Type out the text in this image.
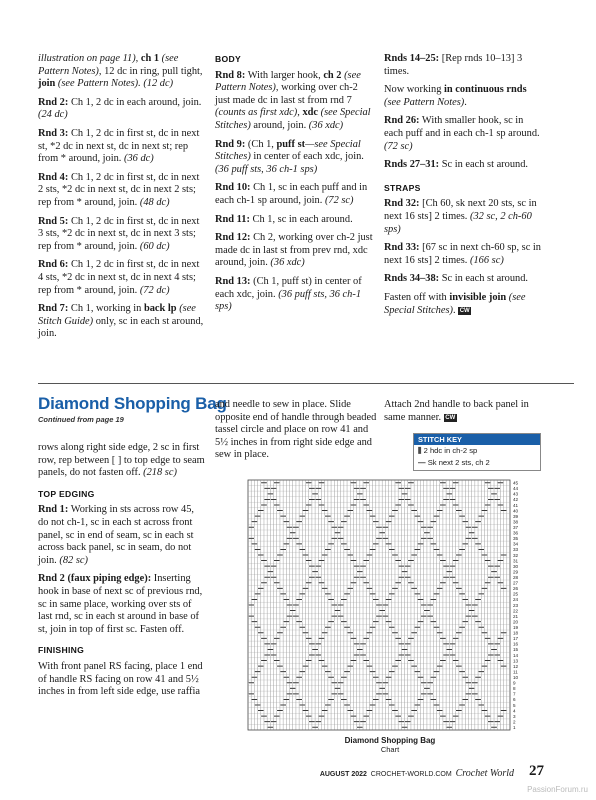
illustration on page 11), ch 1 (see Pattern Notes), 12 dc in ring, pull tight, join (see Pattern Notes). (12 dc)

Rnd 2: Ch 1, 2 dc in each around, join. (24 dc)

Rnd 3: Ch 1, 2 dc in first st, dc in next st, *2 dc in next st, dc in next st; rep from * around, join. (36 dc)

Rnd 4: Ch 1, 2 dc in first st, dc in next 2 sts, *2 dc in next st, dc in next 2 sts; rep from * around, join. (48 dc)

Rnd 5: Ch 1, 2 dc in first st, dc in next 3 sts, *2 dc in next st, dc in next 3 sts; rep from * around, join. (60 dc)

Rnd 6: Ch 1, 2 dc in first st, dc in next 4 sts, *2 dc in next st, dc in next 4 sts; rep from * around, join. (72 dc)

Rnd 7: Ch 1, working in back lp (see Stitch Guide) only, sc in each st around, join.

BODY

Rnd 8: With larger hook, ch 2 (see Pattern Notes), working over ch-2 just made dc in last st from rnd 7 (counts as first xdc), xdc (see Special Stitches) around, join. (36 xdc)

Rnd 9: (Ch 1, puff st—see Special Stitches) in center of each xdc, join. (36 puff sts, 36 ch-1 sps)

Rnd 10: Ch 1, sc in each puff and in each ch-1 sp around, join. (72 sc)

Rnd 11: Ch 1, sc in each around.

Rnd 12: Ch 2, working over ch-2 just made dc in last st from prev rnd, xdc around, join. (36 xdc)

Rnd 13: (Ch 1, puff st) in center of each xdc, join. (36 puff sts, 36 ch-1 sps)

Rnds 14–25: [Rep rnds 10–13] 3 times.

Now working in continuous rnds (see Pattern Notes).

Rnd 26: With smaller hook, sc in each puff and in each ch-1 sp around. (72 sc)

Rnds 27–31: Sc in each st around.

STRAPS

Rnd 32: [Ch 60, sk next 20 sts, sc in next 16 sts] 2 times. (32 sc, 2 ch-60 sps)

Rnd 33: [67 sc in next ch-60 sp, sc in next 16 sts] 2 times. (166 sc)

Rnds 34–38: Sc in each st around.

Fasten off with invisible join (see Special Stitches). CW

Diamond Shopping Bag
Continued from page 19

rows along right side edge, 2 sc in first row, rep between [ ] to top edge to seam panels, do not fasten off. (218 sc)

TOP EDGING

Rnd 1: Working in sts across row 45, do not ch-1, sc in each st across front panel, sc in end of seam, sc in each st across back panel, sc in seam, do not join. (82 sc)

Rnd 2 (faux piping edge): Inserting hook in base of next sc of previous rnd, sc in same place, working over sts of last rnd, sc in each st around in base of st, join in top of first sc. Fasten off.

FINISHING

With front panel RS facing, place 1 end of handle RS facing on row 41 and 5½ inches in from left side edge, use raffia

and needle to sew in place. Slide opposite end of handle through beaded tassel circle and place on row 41 and 5½ inches in from right side edge and sew in place.

Attach 2nd handle to back panel in same manner. CW

STITCH KEY
⫼ 2 hdc in ch-2 sp
— Sk next 2 sts, ch 2
1
2
3
4
5
6
7
8
9
10
11
12
13
14
15
16
17
18
19
20
21
22
23
24
25
26
27
28
29
30
31
32
33
34
35
36
37
38
39
40
41
42
43
44
45
Diamond Shopping Bag
Chart
AUGUST 2022 CROCHET-WORLD.COM Crochet World 27
PassionForum.ru
